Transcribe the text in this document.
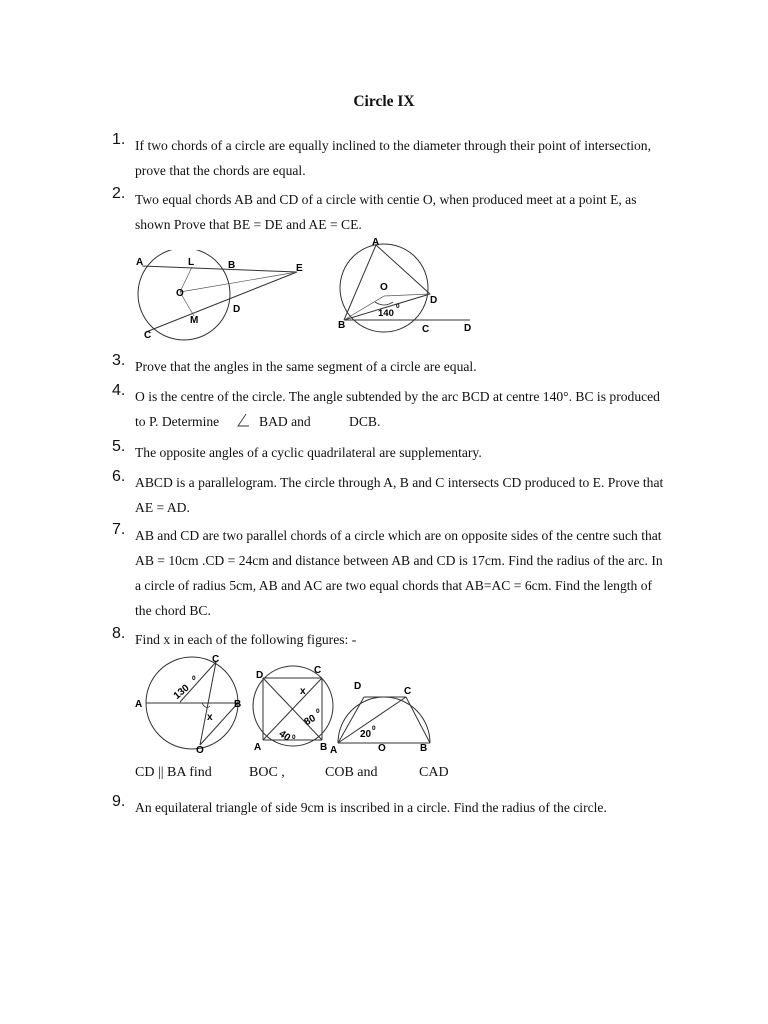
Circle IX
1. If two chords of a circle are equally inclined to the diameter through their point of intersection,
prove that the chords are equal.
2. Two equal chords AB and CD of a circle with centie O, when produced meet at a point E, as
shown Prove that BE = DE and AE = CE.
A	L	B	E
O
M
D
C
A
O
D
140
0
B	C	D
3. Prove that the angles in the same segment of a circle are equal.
4. O is the centre of the circle. The angle subtended by the arc BCD at centre 140°. BC is produced
to P. Determine	BAD and	DCB.
5. The opposite angles of a cyclic quadrilateral are supplementary.
6. ABCD is a parallelogram. The circle through A, B and C intersects CD produced to E. Prove that
AE = AD.
7. AB and CD are two parallel chords of a circle which are on opposite sides of the centre such that
AB = 10cm .CD = 24cm and distance between AB and CD is 17cm. Find the radius of the arc. In
a circle of radius 5cm, AB and AC are two equal chords that AB=AC = 6cm. Find the length of
the chord BC.
8. Find x in each of the following figures: -
C
130
0
A	B
x
O
D	C
x
80
0
40 0
A	B
D	C
20
0
A	O	B
CD || BA find	BOC ,	COB and	CAD
9. An equilateral triangle of side 9cm is inscribed in a circle. Find the radius of the circle.
